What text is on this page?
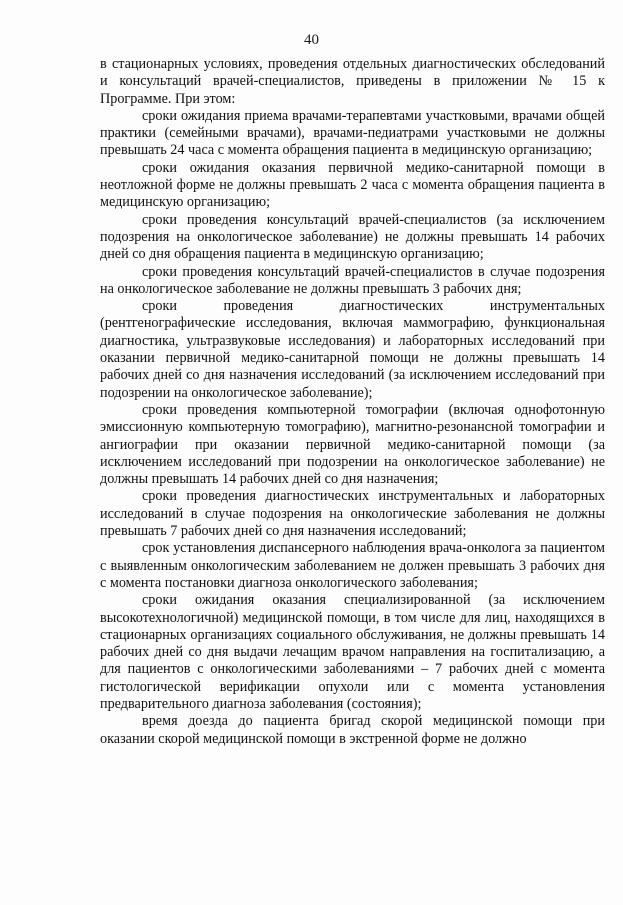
40

в стационарных условиях, проведения отдельных диагностических обследований и консультаций врачей-специалистов, приведены в приложении № 15 к Программе. При этом:

сроки ожидания приема врачами-терапевтами участковыми, врачами общей практики (семейными врачами), врачами-педиатрами участковыми не должны превышать 24 часа с момента обращения пациента в медицинскую организацию;

сроки ожидания оказания первичной медико-санитарной помощи в неотложной форме не должны превышать 2 часа с момента обращения пациента в медицинскую организацию;

сроки проведения консультаций врачей-специалистов (за исключением подозрения на онкологическое заболевание) не должны превышать 14 рабочих дней со дня обращения пациента в медицинскую организацию;

сроки проведения консультаций врачей-специалистов в случае подозрения на онкологическое заболевание не должны превышать 3 рабочих дня;

сроки проведения диагностических инструментальных (рентгенографические исследования, включая маммографию, функциональная диагностика, ультразвуковые исследования) и лабораторных исследований при оказании первичной медико-санитарной помощи не должны превышать 14 рабочих дней со дня назначения исследований (за исключением исследований при подозрении на онкологическое заболевание);

сроки проведения компьютерной томографии (включая однофотонную эмиссионную компьютерную томографию), магнитно-резонансной томографии и ангиографии при оказании первичной медико-санитарной помощи (за исключением исследований при подозрении на онкологическое заболевание) не должны превышать 14 рабочих дней со дня назначения;

сроки проведения диагностических инструментальных и лабораторных исследований в случае подозрения на онкологические заболевания не должны превышать 7 рабочих дней со дня назначения исследований;

срок установления диспансерного наблюдения врача-онколога за пациентом с выявленным онкологическим заболеванием не должен превышать 3 рабочих дня с момента постановки диагноза онкологического заболевания;

сроки ожидания оказания специализированной (за исключением высокотехнологичной) медицинской помощи, в том числе для лиц, находящихся в стационарных организациях социального обслуживания, не должны превышать 14 рабочих дней со дня выдачи лечащим врачом направления на госпитализацию, а для пациентов с онкологическими заболеваниями – 7 рабочих дней с момента гистологической верификации опухоли или с момента установления предварительного диагноза заболевания (состояния);

время доезда до пациента бригад скорой медицинской помощи при оказании скорой медицинской помощи в экстренной форме не должно
